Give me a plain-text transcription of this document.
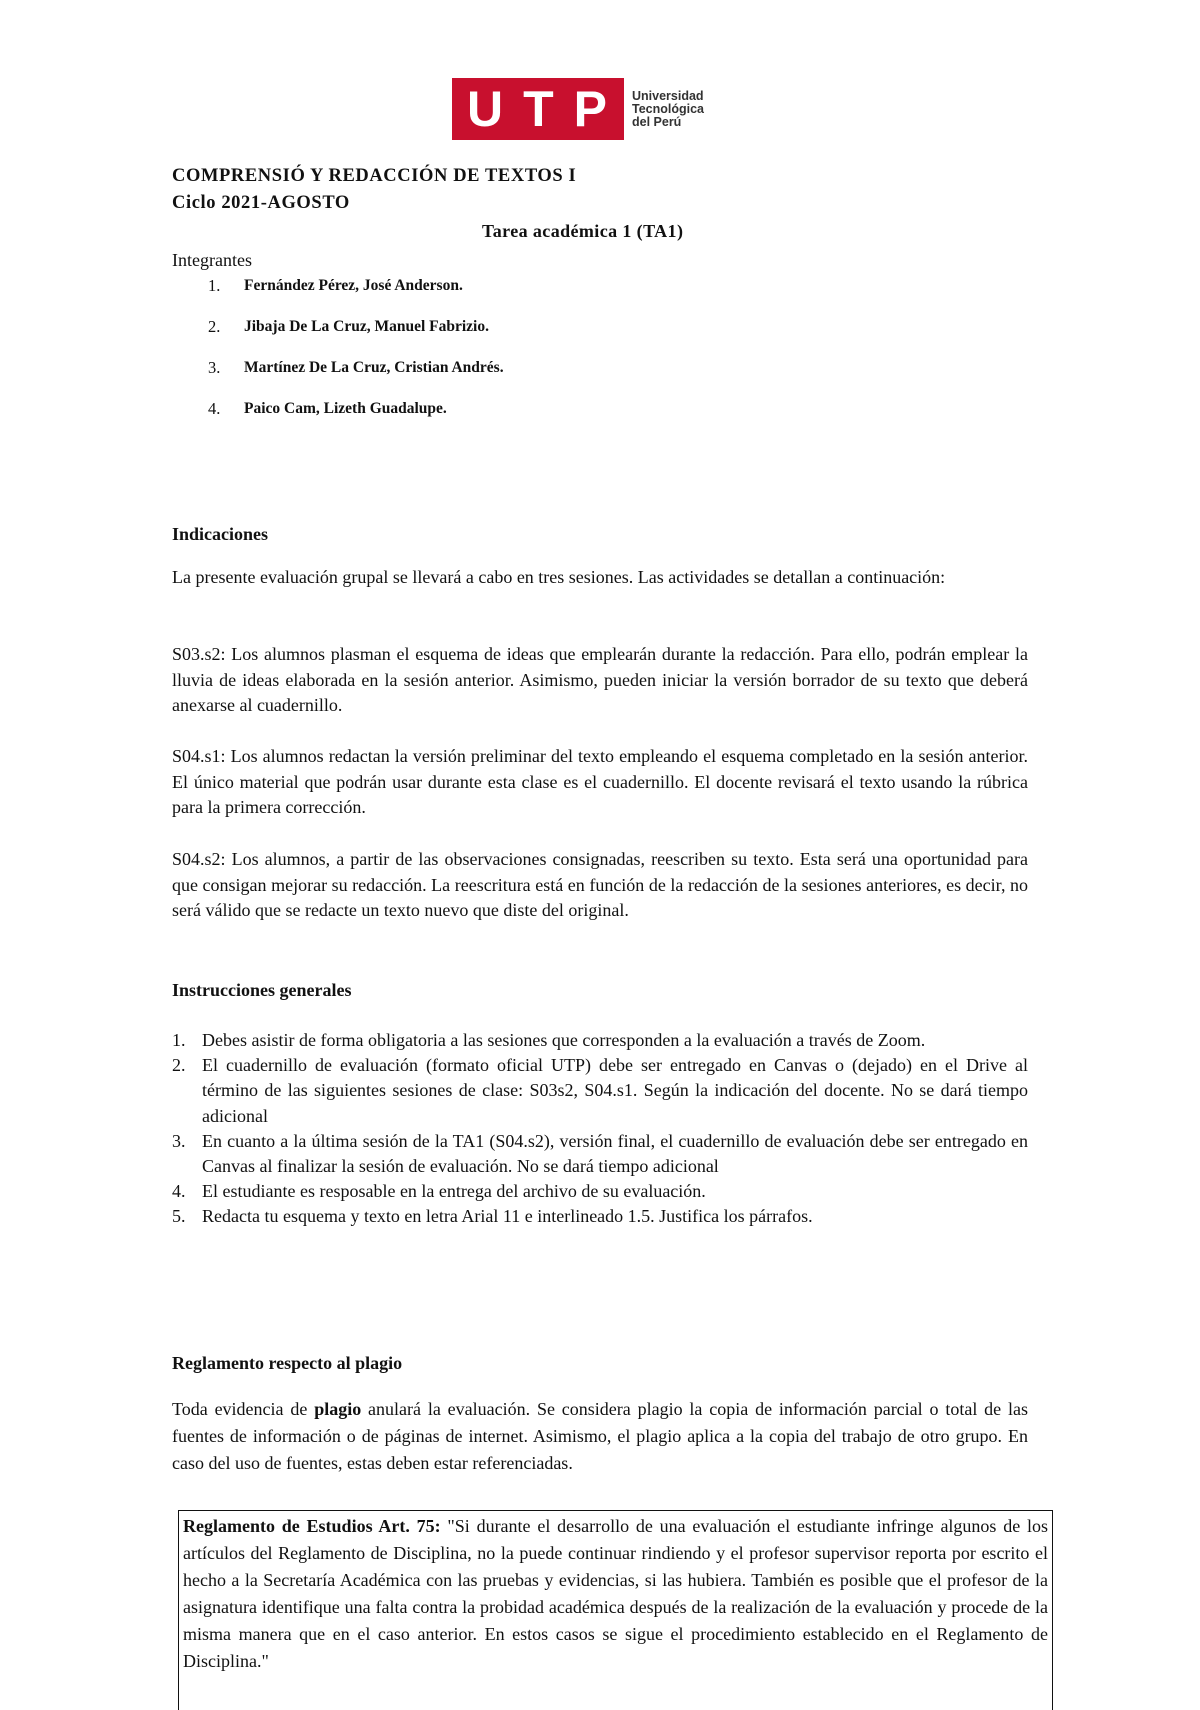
U T P Universidad
Tecnológica
del Perú
COMPRENSIÓ Y REDACCIÓN DE TEXTOS I
Ciclo 2021-AGOSTO
Tarea académica 1 (TA1)
Integrantes
1. Fernández Pérez, José Anderson.
2. Jibaja De La Cruz, Manuel Fabrizio.
3. Martínez De La Cruz, Cristian Andrés.
4. Paico Cam, Lizeth Guadalupe.
Indicaciones
La presente evaluación grupal se llevará a cabo en tres sesiones. Las actividades se detallan a continuación:
S03.s2: Los alumnos plasman el esquema de ideas que emplearán durante la redacción. Para ello, podrán emplear la lluvia de ideas elaborada en la sesión anterior. Asimismo, pueden iniciar la versión borrador de su texto que deberá anexarse al cuadernillo.
S04.s1: Los alumnos redactan la versión preliminar del texto empleando el esquema completado en la sesión anterior. El único material que podrán usar durante esta clase es el cuadernillo. El docente revisará el texto usando la rúbrica para la primera corrección.
S04.s2: Los alumnos, a partir de las observaciones consignadas, reescriben su texto. Esta será una oportunidad para que consigan mejorar su redacción. La reescritura está en función de la redacción de la sesiones anteriores, es decir, no será válido que se redacte un texto nuevo que diste del original.
Instrucciones generales
1. Debes asistir de forma obligatoria a las sesiones que corresponden a la evaluación a través de Zoom.
2. El cuadernillo de evaluación (formato oficial UTP) debe ser entregado en Canvas o (dejado) en el Drive al término de las siguientes sesiones de clase: S03s2, S04.s1. Según la indicación del docente. No se dará tiempo adicional
3. En cuanto a la última sesión de la TA1 (S04.s2), versión final, el cuadernillo de evaluación debe ser entregado en Canvas al finalizar la sesión de evaluación. No se dará tiempo adicional
4. El estudiante es resposable en la entrega del archivo de su evaluación.
5. Redacta tu esquema y texto en letra Arial 11 e interlineado 1.5. Justifica los párrafos.
Reglamento respecto al plagio
Toda evidencia de plagio anulará la evaluación. Se considera plagio la copia de información parcial o total de las fuentes de información o de páginas de internet. Asimismo, el plagio aplica a la copia del trabajo de otro grupo. En caso del uso de fuentes, estas deben estar referenciadas.

Reglamento de Estudios Art. 75: "Si durante el desarrollo de una evaluación el estudiante infringe algunos de los artículos del Reglamento de Disciplina, no la puede continuar rindiendo y el profesor supervisor reporta por escrito el hecho a la Secretaría Académica con las pruebas y evidencias, si las hubiera. También es posible que el profesor de la asignatura identifique una falta contra la probidad académica después de la realización de la evaluación y procede de la misma manera que en el caso anterior. En estos casos se sigue el procedimiento establecido en el Reglamento de Disciplina."
